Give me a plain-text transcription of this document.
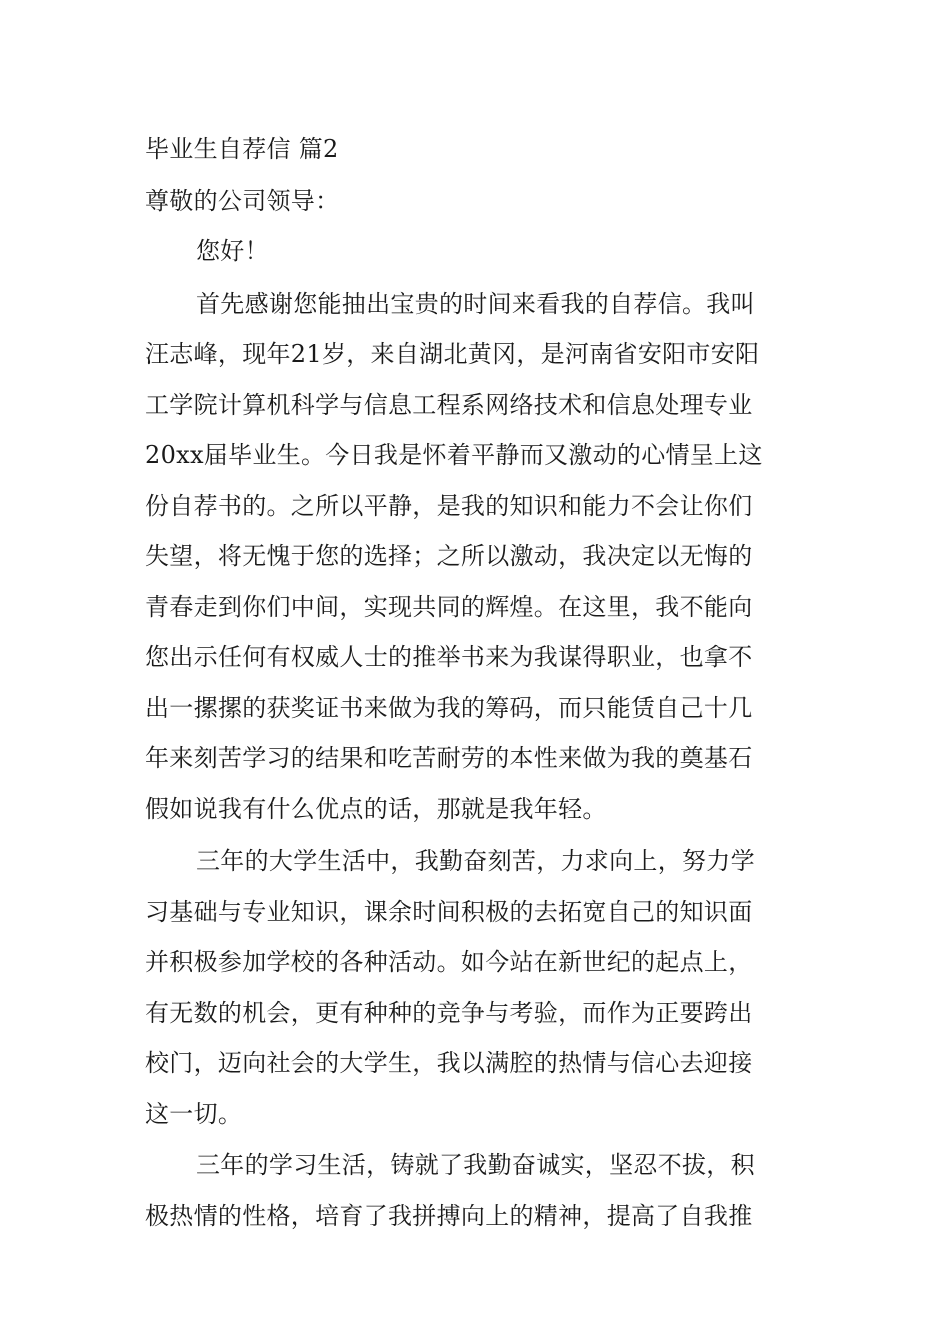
毕业生自荐信 篇2
尊敬的公司领导：
您好！
首先感谢您能抽出宝贵的时间来看我的自荐信。我叫
汪志峰，现年21岁，来自湖北黄冈，是河南省安阳市安阳
工学院计算机科学与信息工程系网络技术和信息处理专业
20xx届毕业生。今日我是怀着平静而又激动的心情呈上这
份自荐书的。之所以平静，是我的知识和能力不会让你们
失望，将无愧于您的选择；之所以激动，我决定以无悔的
青春走到你们中间，实现共同的辉煌。在这里，我不能向
您出示任何有权威人士的推举书来为我谋得职业，也拿不
出一摞摞的获奖证书来做为我的筹码，而只能赁自己十几
年来刻苦学习的结果和吃苦耐劳的本性来做为我的奠基石
假如说我有什么优点的话，那就是我年轻。
三年的大学生活中，我勤奋刻苦，力求向上，努力学
习基础与专业知识，课余时间积极的去拓宽自己的知识面
并积极参加学校的各种活动。如今站在新世纪的起点上，
有无数的机会，更有种种的竞争与考验，而作为正要跨出
校门，迈向社会的大学生，我以满腔的热情与信心去迎接
这一切。
三年的学习生活，铸就了我勤奋诚实，坚忍不拔，积
极热情的性格，培育了我拼搏向上的精神，提高了自我推
